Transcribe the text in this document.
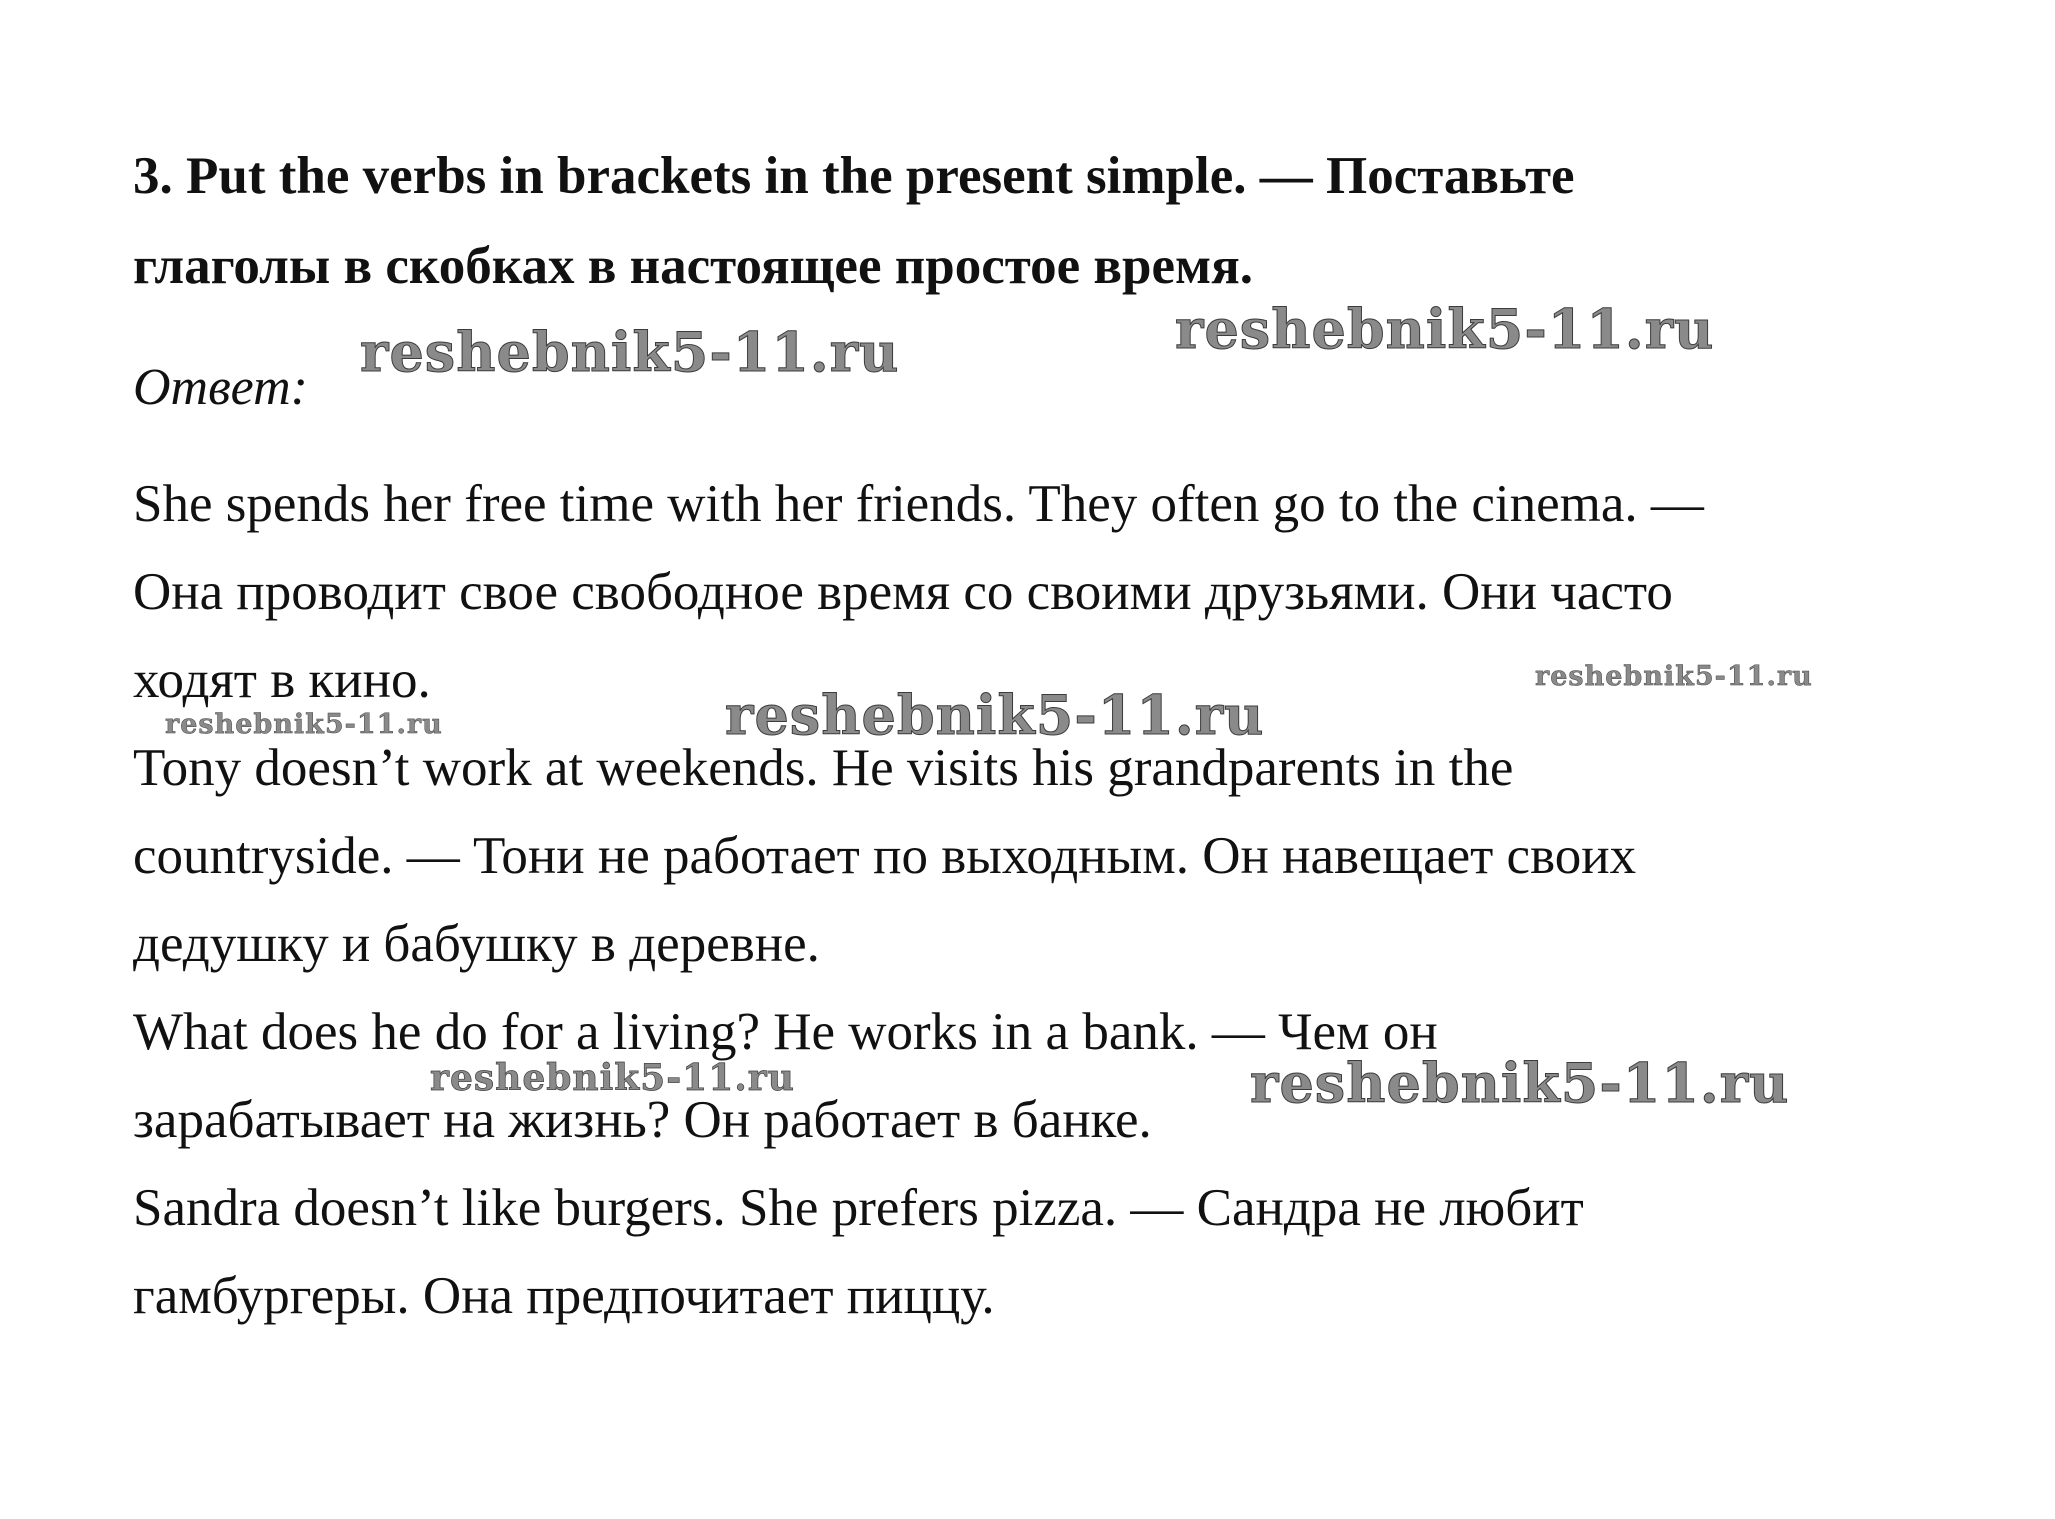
3. Put the verbs in brackets in the present simple. — Поставьте
глаголы в скобках в настоящее простое время.
Ответ:
She spends her free time with her friends. They often go to the cinema. —
Она проводит свое свободное время со своими друзьями. Они часто
ходят в кино.
Tony doesn’t work at weekends. He visits his grandparents in the
countryside. — Тони не работает по выходным. Он навещает своих
дедушку и бабушку в деревне.
What does he do for a living? He works in a bank. — Чем он
зарабатывает на жизнь? Он работает в банке.
Sandra doesn’t like burgers. She prefers pizza. — Сандра не любит
гамбургеры. Она предпочитает пиццу.
reshebnik5-11.ru	reshebnik5-11.ru
reshebnik5-11.ru
reshebnik5-11.ru	reshebnik5-11.ru
reshebnik5-11.ru	reshebnik5-11.ru
